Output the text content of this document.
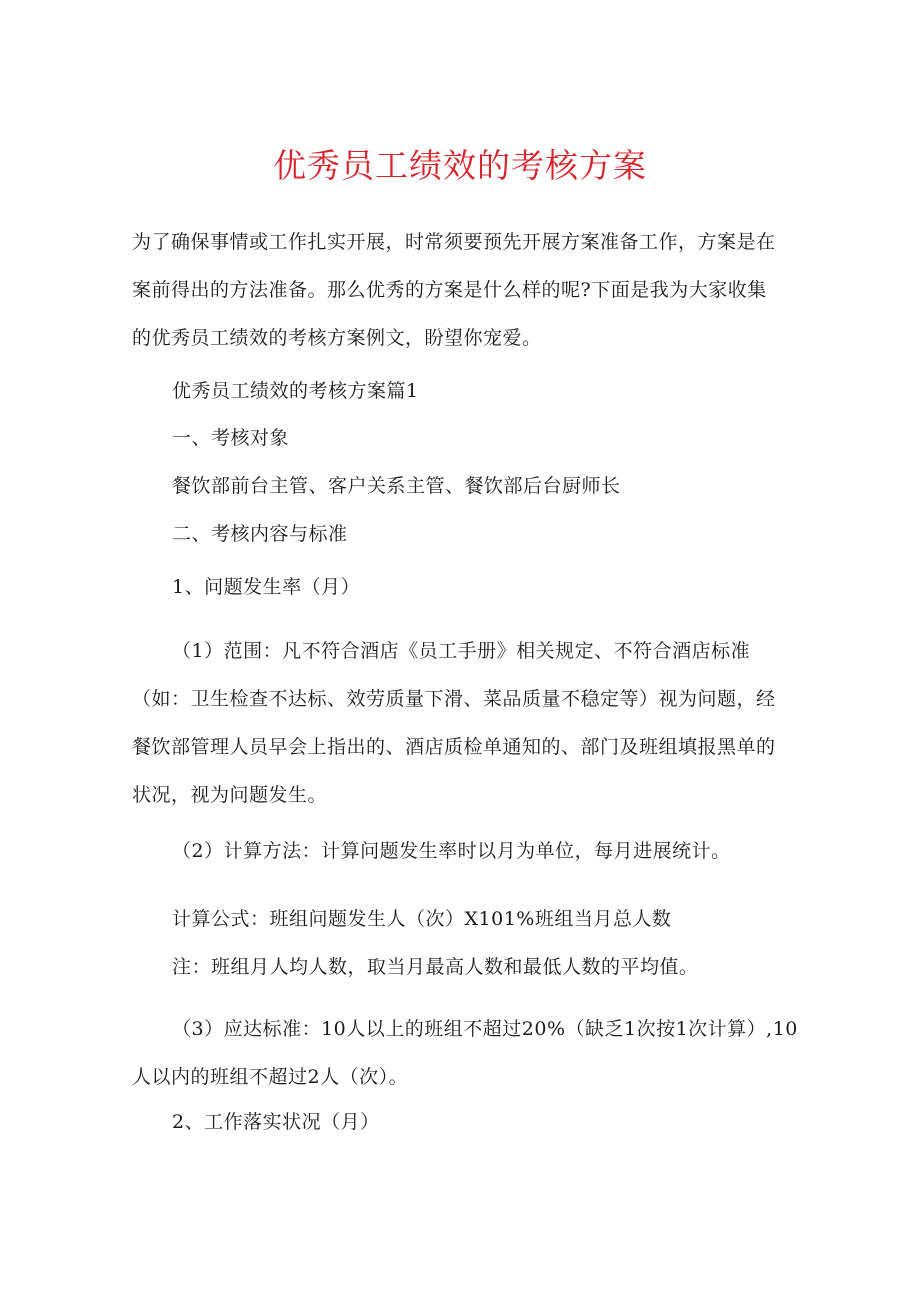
优秀员工绩效的考核方案
为了确保事情或工作扎实开展，时常须要预先开展方案准备工作，方案是在
案前得出的方法准备。那么优秀的方案是什么样的呢?下面是我为大家收集
的优秀员工绩效的考核方案例文，盼望你宠爱。
优秀员工绩效的考核方案篇1
一、考核对象
餐饮部前台主管、客户关系主管、餐饮部后台厨师长
二、考核内容与标准
1、问题发生率（月）
（1）范围：凡不符合酒店《员工手册》相关规定、不符合酒店标准
（如：卫生检查不达标、效劳质量下滑、菜品质量不稳定等）视为问题，经
餐饮部管理人员早会上指出的、酒店质检单通知的、部门及班组填报黑单的
状况，视为问题发生。
（2）计算方法：计算问题发生率时以月为单位，每月进展统计。
计算公式：班组问题发生人（次）X101%班组当月总人数
注：班组月人均人数，取当月最高人数和最低人数的平均值。
（3）应达标准：10人以上的班组不超过20%（缺乏1次按1次计算）,10
人以内的班组不超过2人（次）。
2、工作落实状况（月）
